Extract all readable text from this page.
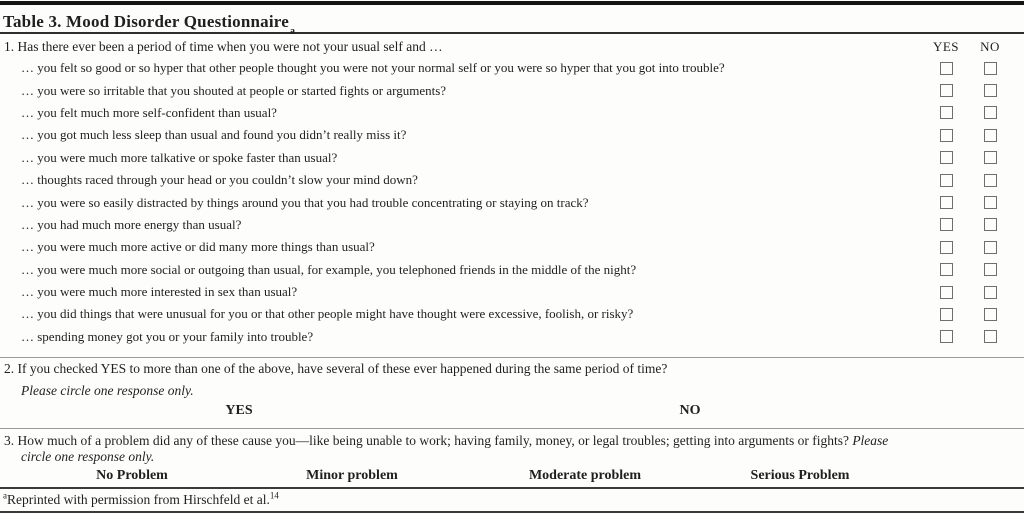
Table 3. Mood Disorder Questionnaire
1. Has there ever been a period of time when you were not your usual self and …	YES	NO
… you felt so good or so hyper that other people thought you were not your normal self or you were so hyper that you got into trouble?
… you were so irritable that you shouted at people or started fights or arguments?
… you felt much more self-confident than usual?
… you got much less sleep than usual and found you didn’t really miss it?
… you were much more talkative or spoke faster than usual?
… thoughts raced through your head or you couldn’t slow your mind down?
… you were so easily distracted by things around you that you had trouble concentrating or staying on track?
… you had much more energy than usual?
… you were much more active or did many more things than usual?
… you were much more social or outgoing than usual, for example, you telephoned friends in the middle of the night?
… you were much more interested in sex than usual?
… you did things that were unusual for you or that other people might have thought were excessive, foolish, or risky?
… spending money got you or your family into trouble?
2. If you checked YES to more than one of the above, have several of these ever happened during the same period of time?
Please circle one response only.
YES	NO
3. How much of a problem did any of these cause you—like being unable to work; having family, money, or legal troubles; getting into arguments or fights? Please circle one response only.
No Problem	Minor problem	Moderate problem	Serious Problem
$^a$Reprinted with permission from Hirschfeld et al.$^{14}$
